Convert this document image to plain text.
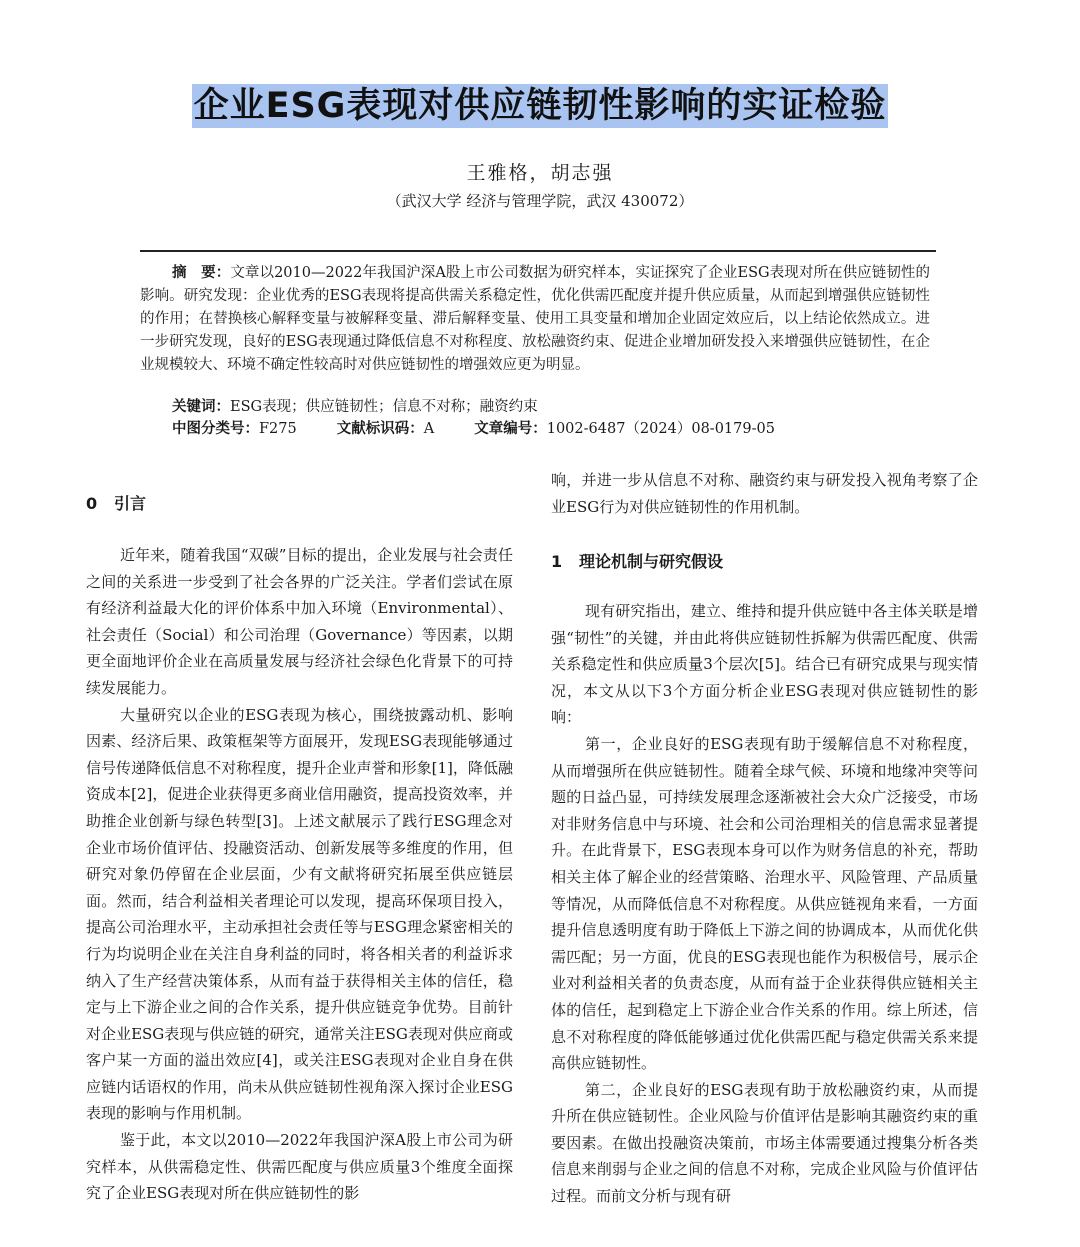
企业ESG表现对供应链韧性影响的实证检验
王雅格，胡志强
（武汉大学 经济与管理学院，武汉 430072）
摘　要：文章以2010—2022年我国沪深A股上市公司数据为研究样本，实证探究了企业ESG表现对所在供应链韧性的影响。研究发现：企业优秀的ESG表现将提高供需关系稳定性，优化供需匹配度并提升供应质量，从而起到增强供应链韧性的作用；在替换核心解释变量与被解释变量、滞后解释变量、使用工具变量和增加企业固定效应后，以上结论依然成立。进一步研究发现，良好的ESG表现通过降低信息不对称程度、放松融资约束、促进企业增加研发投入来增强供应链韧性，在企业规模较大、环境不确定性较高时对供应链韧性的增强效应更为明显。
关键词：ESG表现；供应链韧性；信息不对称；融资约束
中图分类号：F275	文献标识码：A	文章编号：1002-6487（2024）08-0179-05
0 引言

近年来，随着我国“双碳”目标的提出，企业发展与社会责任之间的关系进一步受到了社会各界的广泛关注。学者们尝试在原有经济利益最大化的评价体系中加入环境（Environmental）、社会责任（Social）和公司治理（Governance）等因素，以期更全面地评价企业在高质量发展与经济社会绿色化背景下的可持续发展能力。

大量研究以企业的ESG表现为核心，围绕披露动机、影响因素、经济后果、政策框架等方面展开，发现ESG表现能够通过信号传递降低信息不对称程度，提升企业声誉和形象[1]，降低融资成本[2]，促进企业获得更多商业信用融资，提高投资效率，并助推企业创新与绿色转型[3]。上述文献展示了践行ESG理念对企业市场价值评估、投融资活动、创新发展等多维度的作用，但研究对象仍停留在企业层面，少有文献将研究拓展至供应链层面。然而，结合利益相关者理论可以发现，提高环保项目投入，提高公司治理水平，主动承担社会责任等与ESG理念紧密相关的行为均说明企业在关注自身利益的同时，将各相关者的利益诉求纳入了生产经营决策体系，从而有益于获得相关主体的信任，稳定与上下游企业之间的合作关系，提升供应链竞争优势。目前针对企业ESG表现与供应链的研究，通常关注ESG表现对供应商或客户某一方面的溢出效应[4]，或关注ESG表现对企业自身在供应链内话语权的作用，尚未从供应链韧性视角深入探讨企业ESG表现的影响与作用机制。

鉴于此，本文以2010—2022年我国沪深A股上市公司为研究样本，从供需稳定性、供需匹配度与供应质量3个维度全面探究了企业ESG表现对所在供应链韧性的影

响，并进一步从信息不对称、融资约束与研发投入视角考察了企业ESG行为对供应链韧性的作用机制。

1 理论机制与研究假设

现有研究指出，建立、维持和提升供应链中各主体关联是增强“韧性”的关键，并由此将供应链韧性拆解为供需匹配度、供需关系稳定性和供应质量3个层次[5]。结合已有研究成果与现实情况，本文从以下3个方面分析企业ESG表现对供应链韧性的影响：

第一，企业良好的ESG表现有助于缓解信息不对称程度，从而增强所在供应链韧性。随着全球气候、环境和地缘冲突等问题的日益凸显，可持续发展理念逐渐被社会大众广泛接受，市场对非财务信息中与环境、社会和公司治理相关的信息需求显著提升。在此背景下，ESG表现本身可以作为财务信息的补充，帮助相关主体了解企业的经营策略、治理水平、风险管理、产品质量等情况，从而降低信息不对称程度。从供应链视角来看，一方面提升信息透明度有助于降低上下游之间的协调成本，从而优化供需匹配；另一方面，优良的ESG表现也能作为积极信号，展示企业对利益相关者的负责态度，从而有益于企业获得供应链相关主体的信任，起到稳定上下游企业合作关系的作用。综上所述，信息不对称程度的降低能够通过优化供需匹配与稳定供需关系来提高供应链韧性。

第二，企业良好的ESG表现有助于放松融资约束，从而提升所在供应链韧性。企业风险与价值评估是影响其融资约束的重要因素。在做出投融资决策前，市场主体需要通过搜集分析各类信息来削弱与企业之间的信息不对称，完成企业风险与价值评估过程。而前文分析与现有研
